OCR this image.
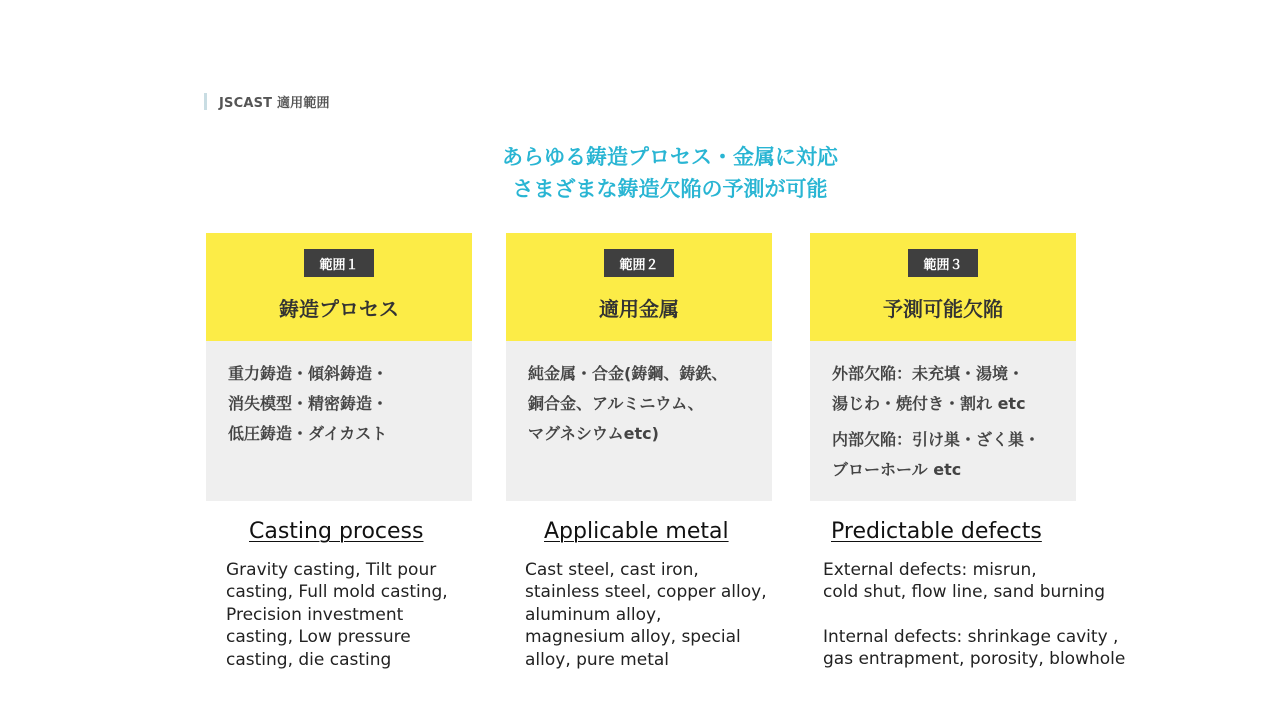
JSCAST 適用範囲
あらゆる鋳造プロセス・金属に対応
さまざまな鋳造欠陥の予測が可能
範囲１
鋳造プロセス
重力鋳造・傾斜鋳造・
消失模型・精密鋳造・
低圧鋳造・ダイカスト
範囲２
適用金属
純金属・合金(鋳鋼、鋳鉄、
銅合金、アルミニウム、
マグネシウムetc)
範囲３
予測可能欠陥
外部欠陥：未充填・湯境・
湯じわ・焼付き・割れ etc
内部欠陥：引け巣・ざく巣・
ブローホール etc
Casting process	Applicable metal	Predictable defects
Gravity casting, Tilt pour
casting, Full mold casting,
Precision investment
casting, Low pressure
casting, die casting
Cast steel, cast iron,
stainless steel, copper alloy,
aluminum alloy,
magnesium alloy, special
alloy, pure metal
External defects: misrun,
cold shut, flow line, sand burning
Internal defects: shrinkage cavity ,
gas entrapment, porosity, blowhole
